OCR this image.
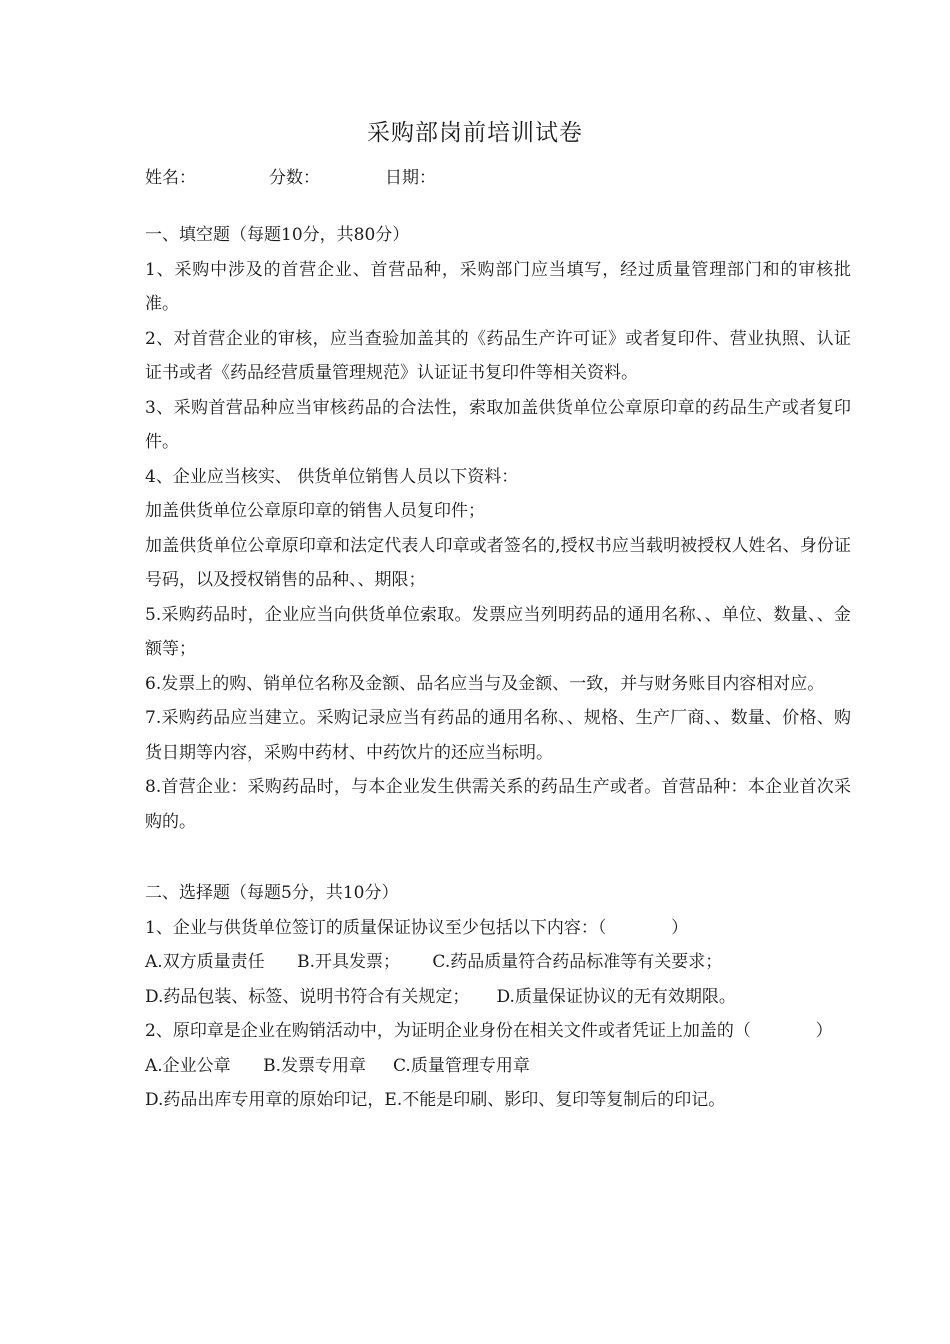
采购部岗前培训试卷
姓名：	分数：	日期：

一、填空题（每题10分，共80分）

1、采购中涉及的首营企业、首营品种，采购部门应当填写，经过质量管理部门和的审核批准。

2、对首营企业的审核，应当查验加盖其的《药品生产许可证》或者复印件、营业执照、认证证书或者《药品经营质量管理规范》认证证书复印件等相关资料。

3、采购首营品种应当审核药品的合法性，索取加盖供货单位公章原印章的药品生产或者复印件。

4、企业应当核实、 供货单位销售人员以下资料：

加盖供货单位公章原印章的销售人员复印件；

加盖供货单位公章原印章和法定代表人印章或者签名的,授权书应当载明被授权人姓名、身份证号码，以及授权销售的品种、、期限；

5.采购药品时，企业应当向供货单位索取。发票应当列明药品的通用名称、、单位、数量、、金额等；

6.发票上的购、销单位名称及金额、品名应当与及金额、一致，并与财务账目内容相对应。

7.采购药品应当建立。采购记录应当有药品的通用名称、、规格、生产厂商、、数量、价格、购货日期等内容，采购中药材、中药饮片的还应当标明。

8.首营企业：采购药品时，与本企业发生供需关系的药品生产或者。首营品种：本企业首次采购的。

二、选择题（每题5分，共10分）

1、企业与供货单位签订的质量保证协议至少包括以下内容：（            ）

A.双方质量责任      B.开具发票；      C.药品质量符合药品标准等有关要求；

D.药品包装、标签、说明书符合有关规定；     D.质量保证协议的无有效期限。

2、原印章是企业在购销活动中，为证明企业身份在相关文件或者凭证上加盖的（            ）

A.企业公章      B.发票专用章     C.质量管理专用章

D.药品出库专用章的原始印记，E.不能是印刷、影印、复印等复制后的印记。
